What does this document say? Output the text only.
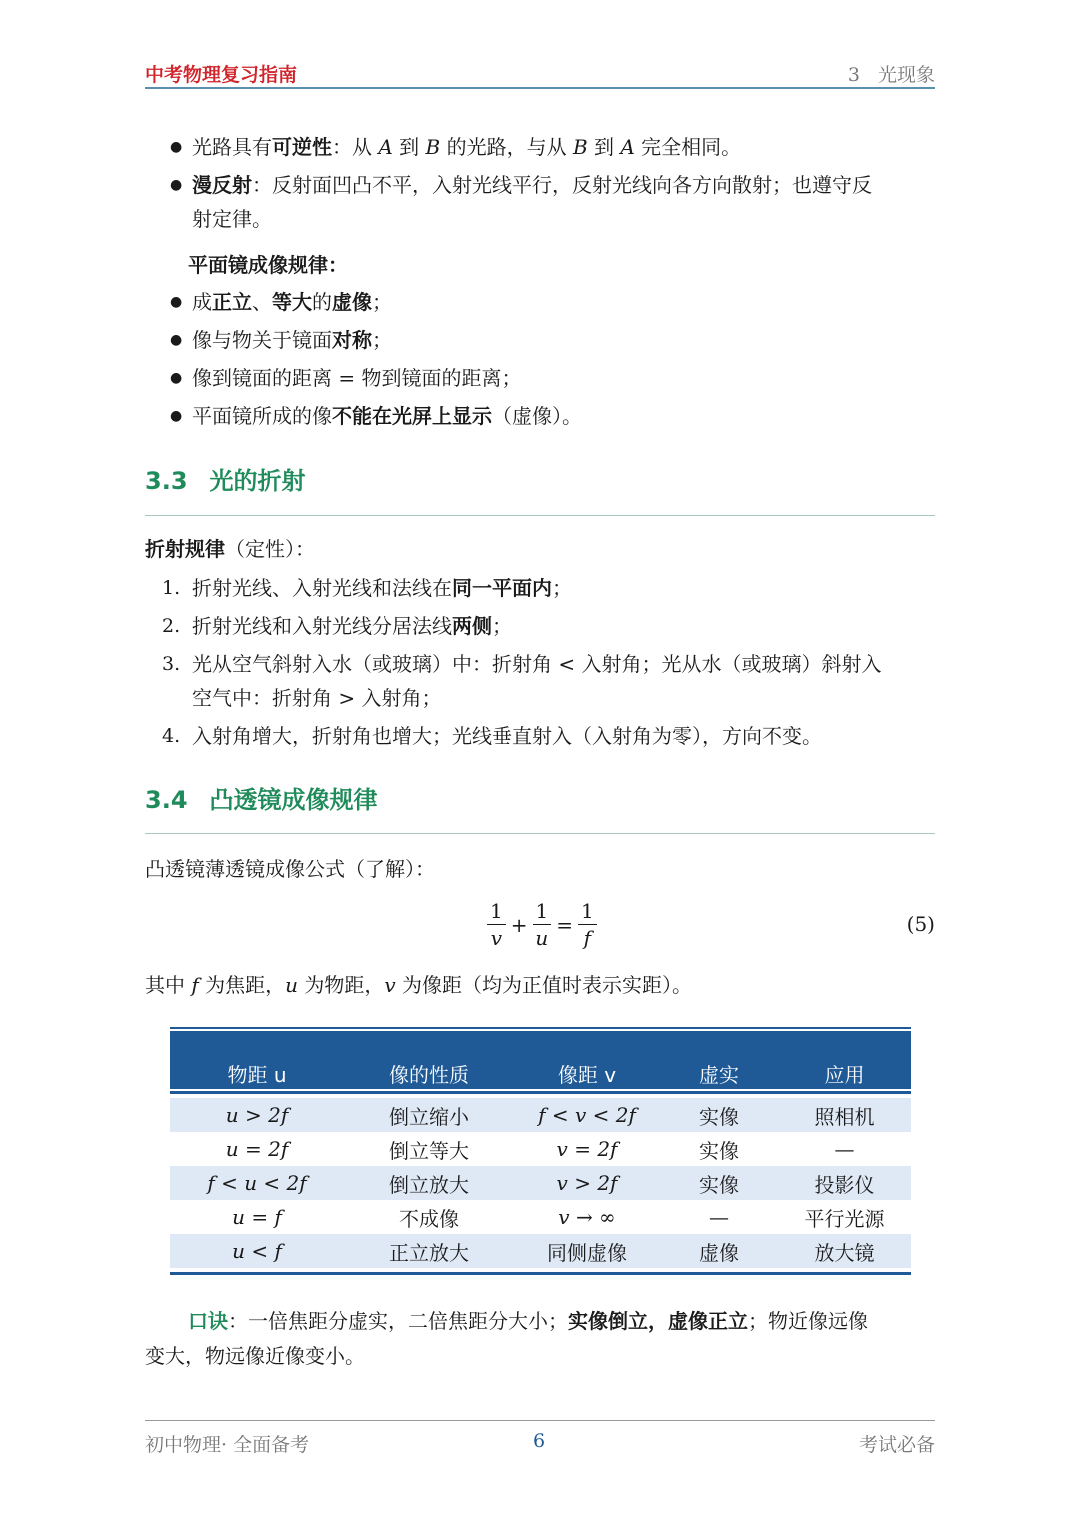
中考物理复习指南	3 光现象
● 光路具有可逆性：从 A 到 B 的光路，与从 B 到 A 完全相同。
● 漫反射：反射面凹凸不平，入射光线平行，反射光线向各方向散射；也遵守反
射定律。
平面镜成像规律：
● 成正立、等大的虚像；
● 像与物关于镜面对称；
● 像到镜面的距离 = 物到镜面的距离；
● 平面镜所成的像不能在光屏上显示（虚像）。
3.3 光的折射
折射规律（定性）：
1. 折射光线、入射光线和法线在同一平面内；
2. 折射光线和入射光线分居法线两侧；
3. 光从空气斜射入水（或玻璃）中：折射角 < 入射角；光从水（或玻璃）斜射入
空气中：折射角 > 入射角；
4. 入射角增大，折射角也增大；光线垂直射入（入射角为零），方向不变。
3.4 凸透镜成像规律
凸透镜薄透镜成像公式（了解）：
$\frac{1}{v} + \frac{1}{u} = \frac{1}{f}$	(5)
其中 f 为焦距，u 为物距，v 为像距（均为正值时表示实距）。
物距 u	像的性质	像距 v	虚实	应用
u > 2f	倒立缩小	f < v < 2f	实像	照相机
u = 2f	倒立等大	v = 2f	实像	—
f < u < 2f	倒立放大	v > 2f	实像	投影仪
u = f	不成像	v → ∞	—	平行光源
u < f	正立放大	同侧虚像	虚像	放大镜
口诀：一倍焦距分虚实，二倍焦距分大小；实像倒立，虚像正立；物近像远像
变大，物远像近像变小。
初中物理· 全面备考	6	考试必备
